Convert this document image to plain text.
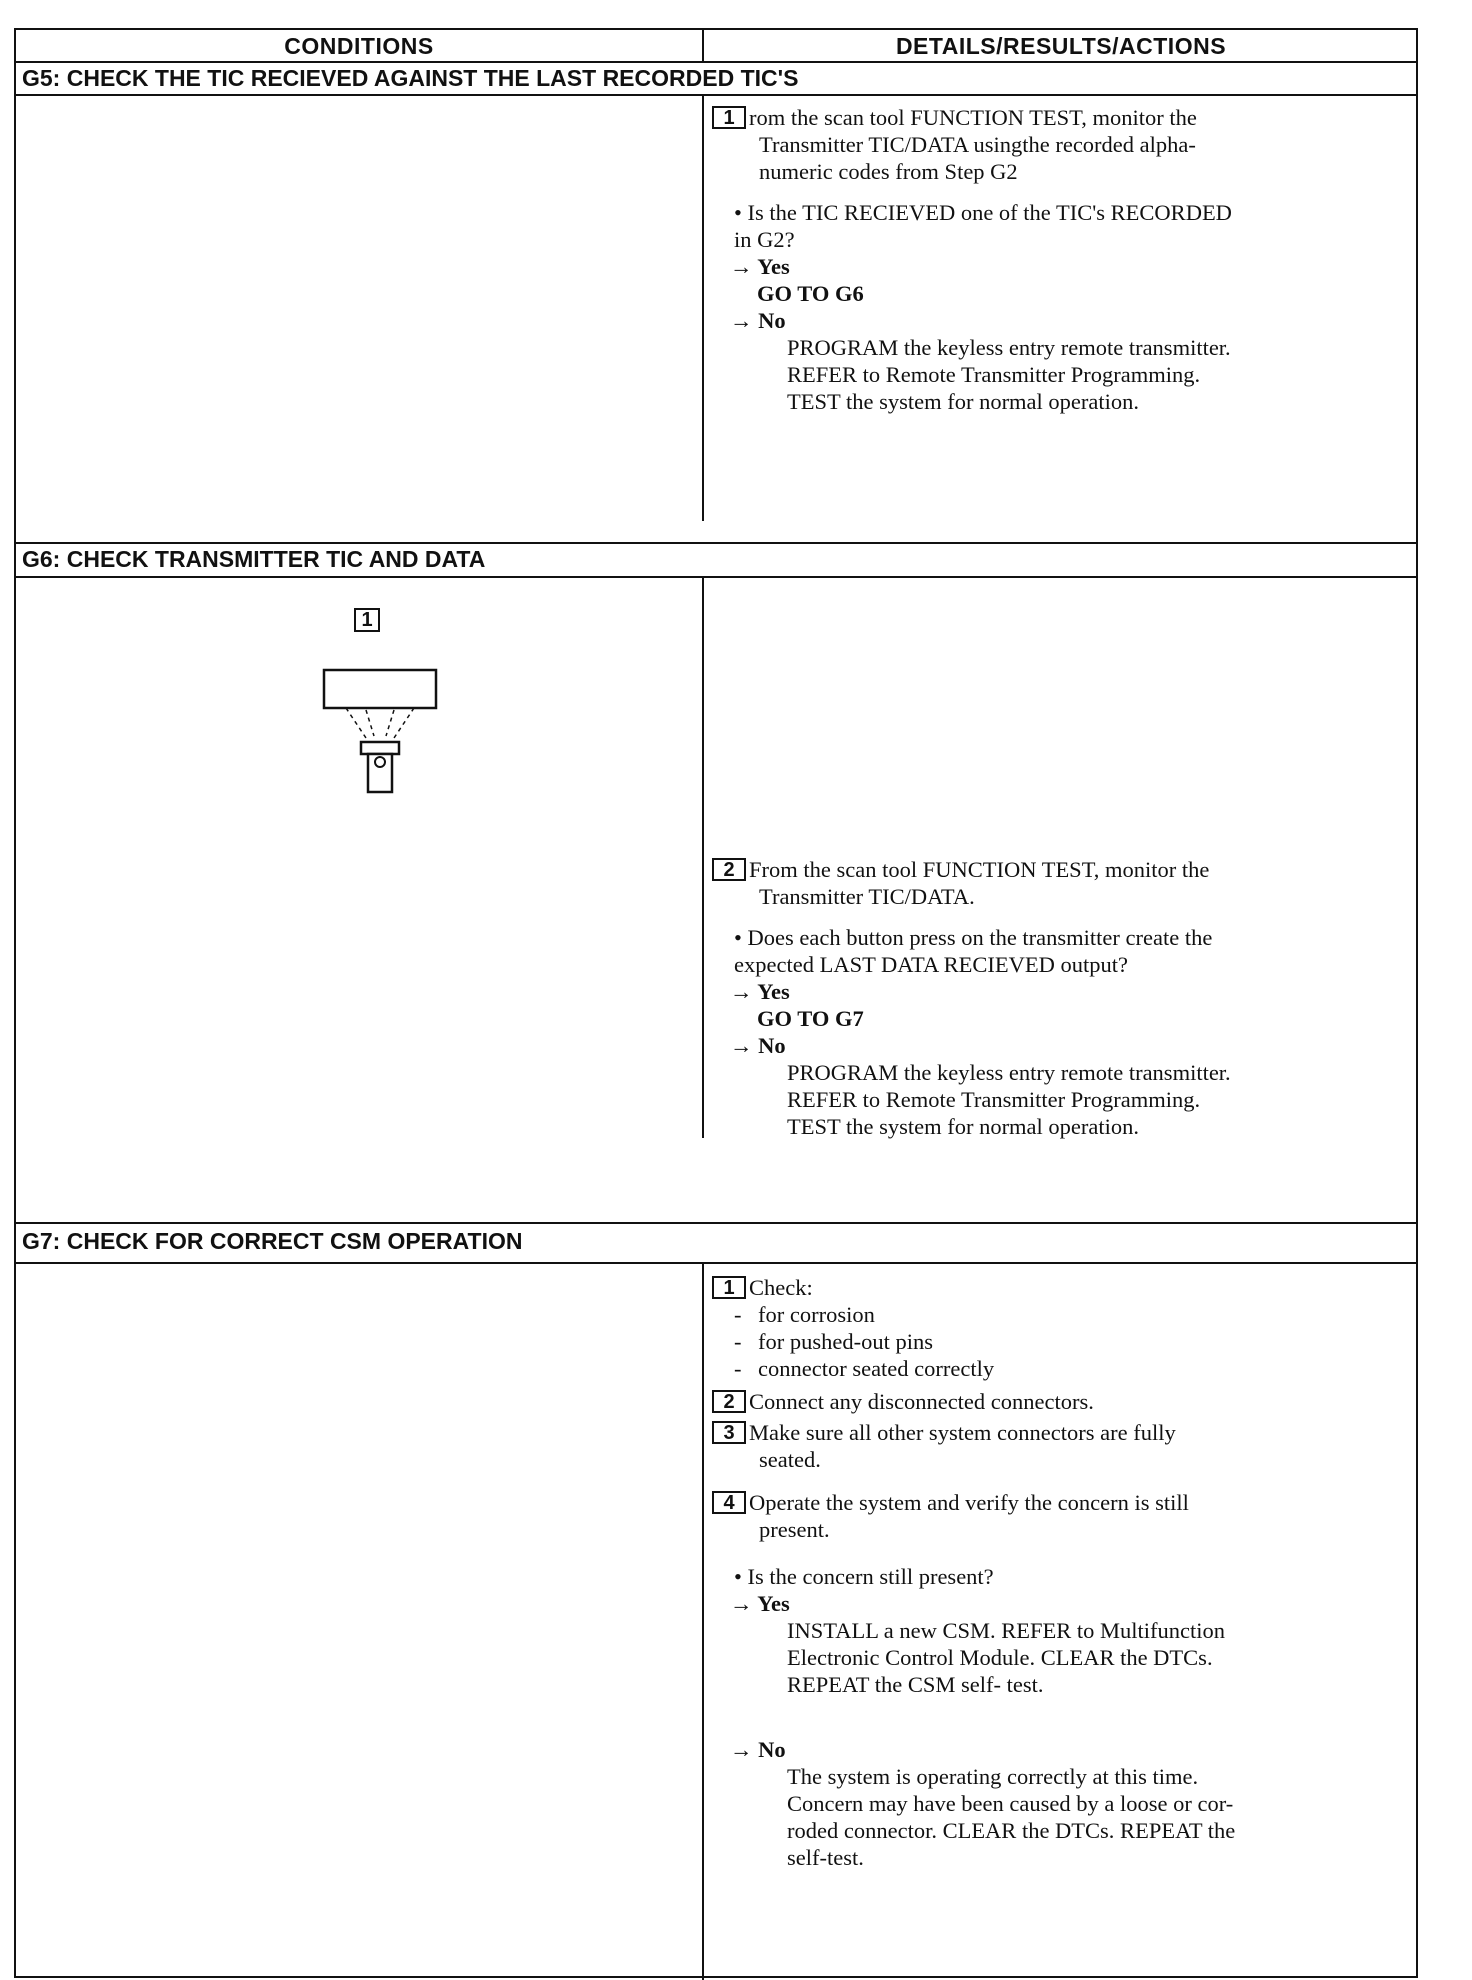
CONDITIONS	DETAILS/RESULTS/ACTIONS
G5: CHECK THE TIC RECIEVED AGAINST THE LAST RECORDED TIC'S
1 rom the scan tool FUNCTION TEST, monitor the
Transmitter TIC/DATA usingthe recorded alpha-
numeric codes from Step G2
• Is the TIC RECIEVED one of the TIC's RECORDED
in G2?
→ Yes
GO TO G6
→ No
PROGRAM the keyless entry remote transmitter.
REFER to Remote Transmitter Programming.
TEST the system for normal operation.
G6: CHECK TRANSMITTER TIC AND DATA
1
2 From the scan tool FUNCTION TEST, monitor the
Transmitter TIC/DATA.
• Does each button press on the transmitter create the
expected LAST DATA RECIEVED output?
→ Yes
GO TO G7
→ No
PROGRAM the keyless entry remote transmitter.
REFER to Remote Transmitter Programming.
TEST the system for normal operation.
G7: CHECK FOR CORRECT CSM OPERATION
1 Check:
- for corrosion
- for pushed-out pins
- connector seated correctly
2 Connect any disconnected connectors.
3 Make sure all other system connectors are fully
seated.
4 Operate the system and verify the concern is still
present.
• Is the concern still present?
→ Yes
INSTALL a new CSM. REFER to Multifunction
Electronic Control Module. CLEAR the DTCs.
REPEAT the CSM self- test.
→ No
The system is operating correctly at this time.
Concern may have been caused by a loose or cor-
roded connector. CLEAR the DTCs. REPEAT the
self-test.
